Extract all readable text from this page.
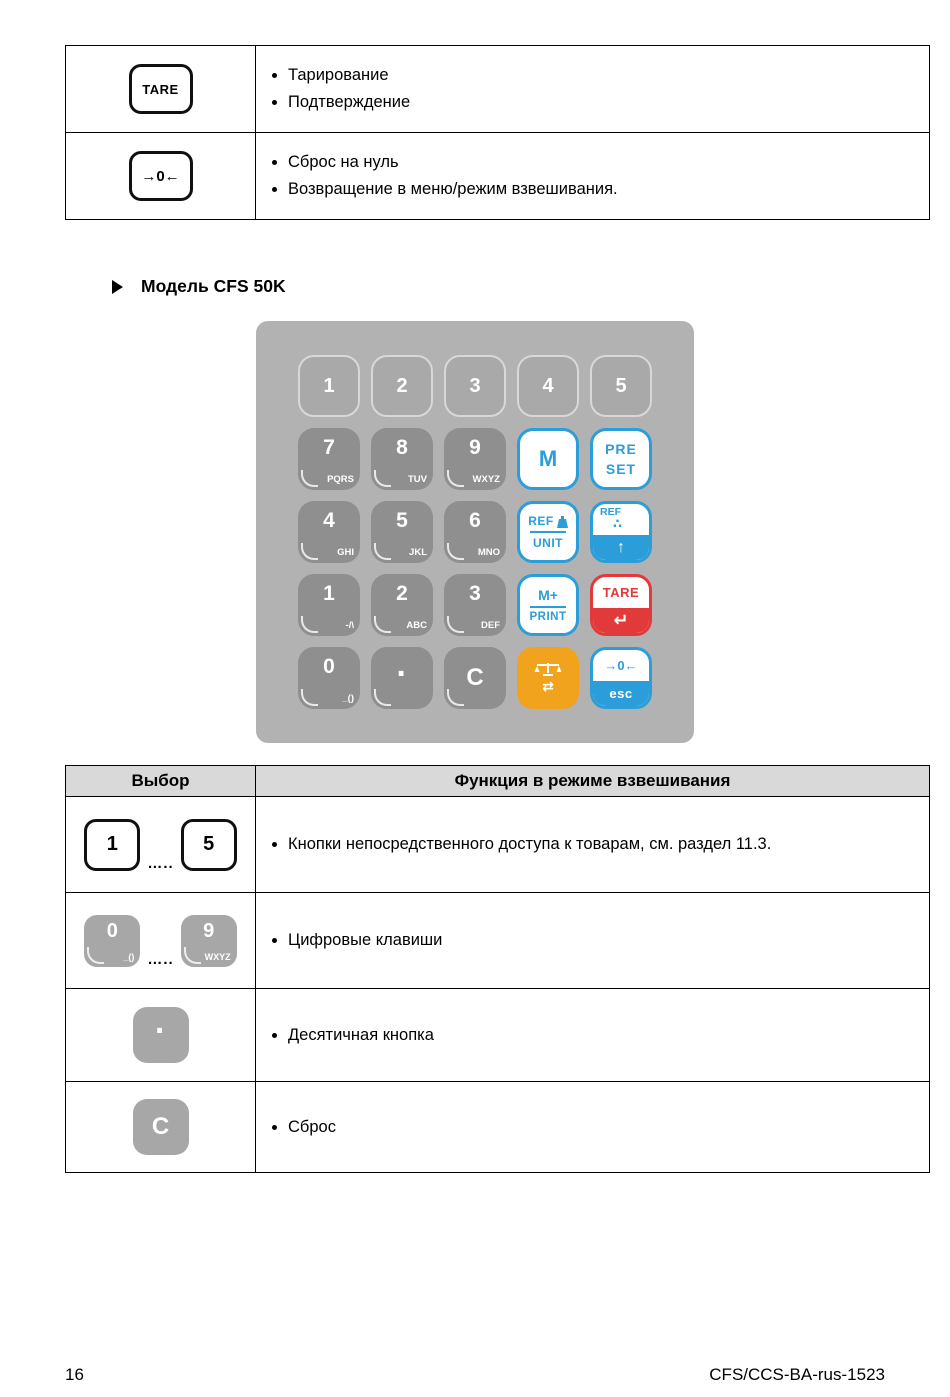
TARE	
• Тарирование
• Подтверждение

→0←	
• Сброс на нуль
• Возвращение в меню/режим взвешивания.
Модель CFS 50K
1	2	3	4	5
7
PQRS
8
TUV
9
WXYZ
M	PRE
SET
4
GHI
5
JKL
6
MNO
REF
UNIT
REF
∴
↑
1
-/\
2
ABC
3
DEF
M+
PRINT
TARE
↵
0
_()
· C	⇄
→0←
esc
Выбор	Функция в режиме взвешивания

1
…..
5

•Кнопки непосредственного доступа к товарам, см. раздел 11.3.

0
_() …..
9
WXYZ

• Цифровые клавиши

·

•Десятичная кнопка

C

•Сброс
16	CFS/CCS-BA-rus-1523
